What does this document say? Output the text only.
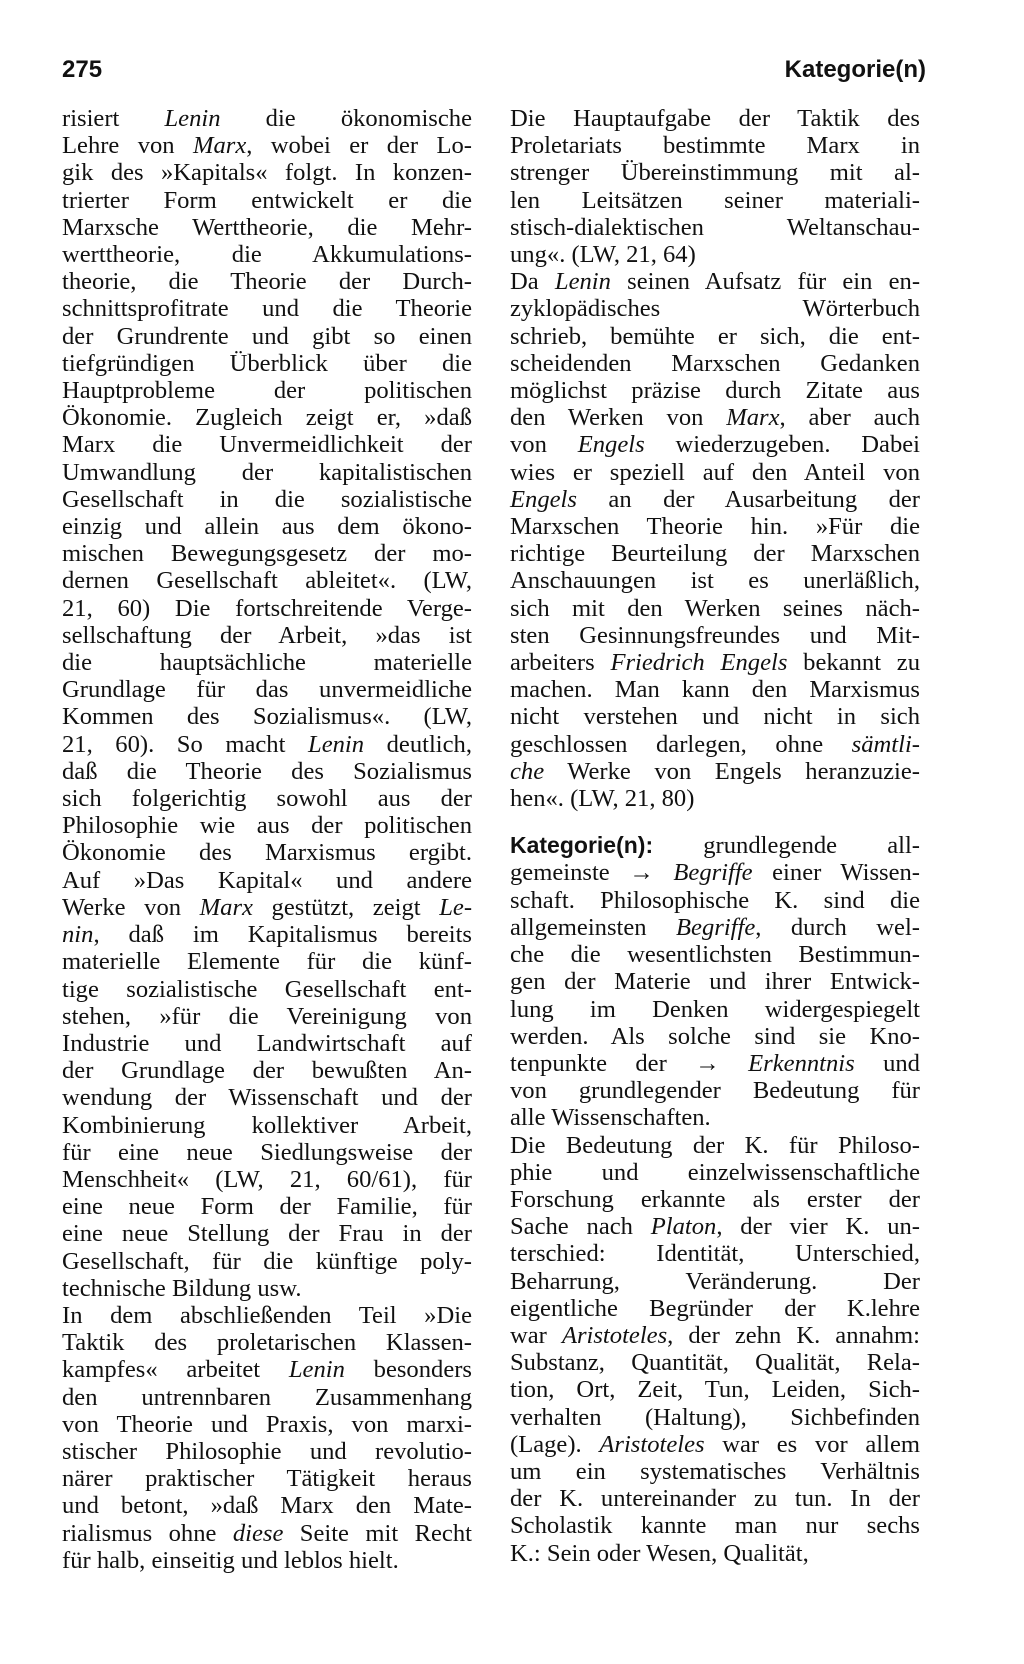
275	Kategorie(n)
risiert Lenin die ökonomische
Lehre von Marx, wobei er der Lo-
gik des »Kapitals« folgt. In konzen-
trierter Form entwickelt er die
Marxsche Werttheorie, die Mehr-
werttheorie, die Akkumulations-
theorie, die Theorie der Durch-
schnittsprofitrate und die Theorie
der Grundrente und gibt so einen
tiefgründigen Überblick über die
Hauptprobleme der politischen
Ökonomie. Zugleich zeigt er, »daß
Marx die Unvermeidlichkeit der
Umwandlung der kapitalistischen
Gesellschaft in die sozialistische
einzig und allein aus dem ökono-
mischen Bewegungsgesetz der mo-
dernen Gesellschaft ableitet«. (LW,
21, 60) Die fortschreitende Verge-
sellschaftung der Arbeit, »das ist
die hauptsächliche materielle
Grundlage für das unvermeidliche
Kommen des Sozialismus«. (LW,
21, 60). So macht Lenin deutlich,
daß die Theorie des Sozialismus
sich folgerichtig sowohl aus der
Philosophie wie aus der politischen
Ökonomie des Marxismus ergibt.
Auf »Das Kapital« und andere
Werke von Marx gestützt, zeigt Le-
nin, daß im Kapitalismus bereits
materielle Elemente für die künf-
tige sozialistische Gesellschaft ent-
stehen, »für die Vereinigung von
Industrie und Landwirtschaft auf
der Grundlage der bewußten An-
wendung der Wissenschaft und der
Kombinierung kollektiver Arbeit,
für eine neue Siedlungsweise der
Menschheit« (LW, 21, 60/61), für
eine neue Form der Familie, für
eine neue Stellung der Frau in der
Gesellschaft, für die künftige poly-
technische Bildung usw.
In dem abschließenden Teil »Die
Taktik des proletarischen Klassen-
kampfes« arbeitet Lenin besonders
den untrennbaren Zusammenhang
von Theorie und Praxis, von marxi-
stischer Philosophie und revolutio-
närer praktischer Tätigkeit heraus
und betont, »daß Marx den Mate-
rialismus ohne diese Seite mit Recht
für halb, einseitig und leblos hielt.
Die Hauptaufgabe der Taktik des
Proletariats bestimmte Marx in
strenger Übereinstimmung mit al-
len Leitsätzen seiner materiali-
stisch-dialektischen Weltanschau-
ung«. (LW, 21, 64)
Da Lenin seinen Aufsatz für ein en-
zyklopädisches Wörterbuch
schrieb, bemühte er sich, die ent-
scheidenden Marxschen Gedanken
möglichst präzise durch Zitate aus
den Werken von Marx, aber auch
von Engels wiederzugeben. Dabei
wies er speziell auf den Anteil von
Engels an der Ausarbeitung der
Marxschen Theorie hin. »Für die
richtige Beurteilung der Marxschen
Anschauungen ist es unerläßlich,
sich mit den Werken seines näch-
sten Gesinnungsfreundes und Mit-
arbeiters Friedrich Engels bekannt zu
machen. Man kann den Marxismus
nicht verstehen und nicht in sich
geschlossen darlegen, ohne sämtli-
che Werke von Engels heranzuzie-
hen«. (LW, 21, 80)
Kategorie(n): grundlegende all-
gemeinste → Begriffe einer Wissen-
schaft. Philosophische K. sind die
allgemeinsten Begriffe, durch wel-
che die wesentlichsten Bestimmun-
gen der Materie und ihrer Entwick-
lung im Denken widergespiegelt
werden. Als solche sind sie Kno-
tenpunkte der → Erkenntnis und
von grundlegender Bedeutung für
alle Wissenschaften.
Die Bedeutung der K. für Philoso-
phie und einzelwissenschaftliche
Forschung erkannte als erster der
Sache nach Platon, der vier K. un-
terschied: Identität, Unterschied,
Beharrung, Veränderung. Der
eigentliche Begründer der K.lehre
war Aristoteles, der zehn K. annahm:
Substanz, Quantität, Qualität, Rela-
tion, Ort, Zeit, Tun, Leiden, Sich-
verhalten (Haltung), Sichbefinden
(Lage). Aristoteles war es vor allem
um ein systematisches Verhältnis
der K. untereinander zu tun. In der
Scholastik kannte man nur sechs
K.: Sein oder Wesen, Qualität,
